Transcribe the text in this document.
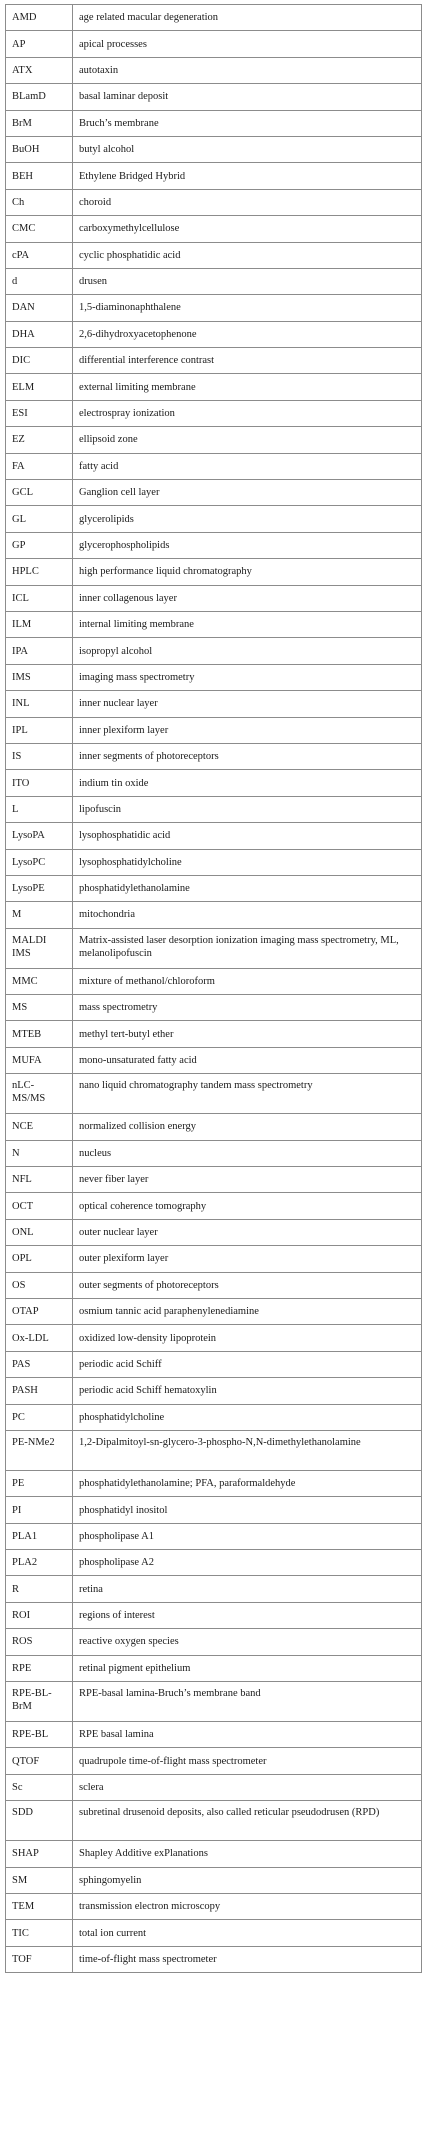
AMD	age related macular degeneration
AP	apical processes
ATX	autotaxin
BLamD	basal laminar deposit
BrM	Bruch’s membrane
BuOH	butyl alcohol
BEH	Ethylene Bridged Hybrid
Ch	choroid
CMC	carboxymethylcellulose
cPA	cyclic phosphatidic acid
d	drusen
DAN	1,5-diaminonaphthalene
DHA	2,6-dihydroxyacetophenone
DIC	differential interference contrast
ELM	external limiting membrane
ESI	electrospray ionization
EZ	ellipsoid zone
FA	fatty acid
GCL	Ganglion cell layer
GL	glycerolipids
GP	glycerophospholipids
HPLC	high performance liquid chromatography
ICL	inner collagenous layer
ILM	internal limiting membrane
IPA	isopropyl alcohol
IMS	imaging mass spectrometry
INL	inner nuclear layer
IPL	inner plexiform layer
IS	inner segments of photoreceptors
ITO	indium tin oxide
L	lipofuscin
LysoPA	lysophosphatidic acid
LysoPC	lysophosphatidylcholine
LysoPE	phosphatidylethanolamine
M	mitochondria
MALDI IMS	Matrix-assisted laser desorption ionization imaging mass spectrometry, ML, melanolipofuscin
MMC	mixture of methanol/chloroform
MS	mass spectrometry
MTEB	methyl tert-butyl ether
MUFA	mono-unsaturated fatty acid
nLC-MS/MS	nano liquid chromatography tandem mass spectrometry
NCE	normalized collision energy
N	nucleus
NFL	never fiber layer
OCT	optical coherence tomography
ONL	outer nuclear layer
OPL	outer plexiform layer
OS	outer segments of photoreceptors
OTAP	osmium tannic acid paraphenylenediamine
Ox-LDL	oxidized low-density lipoprotein
PAS	periodic acid Schiff
PASH	periodic acid Schiff hematoxylin
PC	phosphatidylcholine
PE-NMe2	1,2-Dipalmitoyl-sn-glycero-3-phospho-N,N-dimethylethanolamine
PE	phosphatidylethanolamine; PFA, paraformaldehyde
PI	phosphatidyl inositol
PLA1	phospholipase A1
PLA2	phospholipase A2
R	retina
ROI	regions of interest
ROS	reactive oxygen species
RPE	retinal pigment epithelium
RPE-BL-BrM	RPE-basal lamina-Bruch’s membrane band
RPE-BL	RPE basal lamina
QTOF	quadrupole time-of-flight mass spectrometer
Sc	sclera
SDD	subretinal drusenoid deposits, also called reticular pseudodrusen (RPD)
SHAP	Shapley Additive exPlanations
SM	sphingomyelin
TEM	transmission electron microscopy
TIC	total ion current
TOF	time-of-flight mass spectrometer
